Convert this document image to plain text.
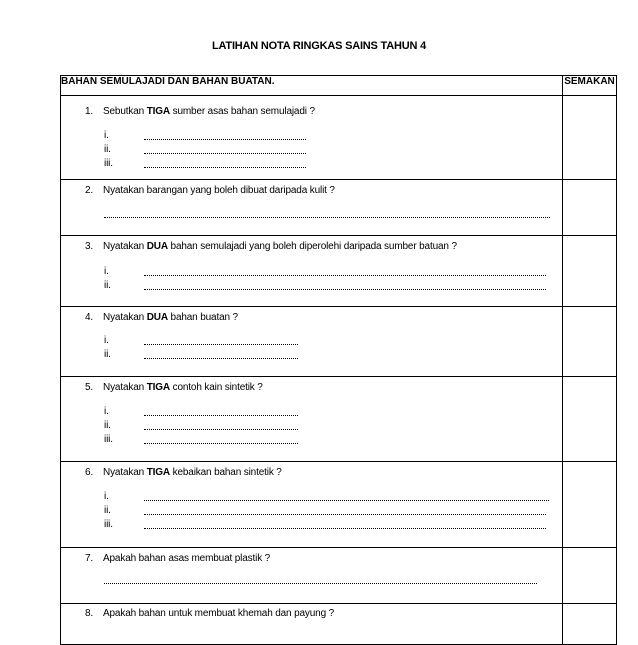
LATIHAN NOTA RINGKAS SAINS TAHUN 4
BAHAN SEMULAJADI DAN BAHAN BUATAN.	SEMAKAN

1. Sebutkan TIGA sumber asas bahan semulajadi ?
i.
ii.
iii.	

2. Nyatakan barangan yang boleh dibuat daripada kulit ?	

3. Nyatakan DUA bahan semulajadi yang boleh diperolehi daripada sumber batuan ?
i.
ii.	

4. Nyatakan DUA bahan buatan ?
i.
ii.	

5. Nyatakan TIGA contoh kain sintetik ?
i.
ii.
iii.	

6. Nyatakan TIGA kebaikan bahan sintetik ?
i.
ii.
iii.	

7. Apakah bahan asas membuat plastik ?	

8. Apakah bahan untuk membuat khemah dan payung ?	
